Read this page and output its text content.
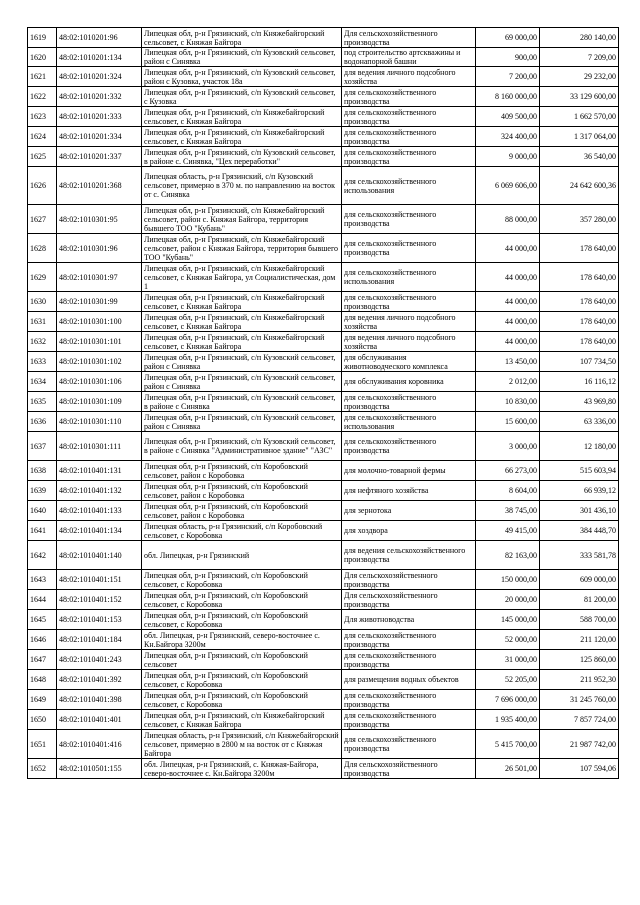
1619	48:02:1010201:96	Липецкая обл, р-н Грязинский, с/п Княжебайгорский сельсовет, с Княжая Байгора	Для сельскохозяйственного производства	69 000,00	280 140,00
1620	48:02:1010201:134	Липецкая обл, р-н Грязинский, с/п Кузовский сельсовет, район с Синявка	под строительство артскважины и водонапорной башни	900,00	7 209,00
1621	48:02:1010201:324	Липецкая обл, р-н Грязинский, с/п Кузовский сельсовет, район с Кузовка, участок 18а	для ведения личного подсобного хозяйства	7 200,00	29 232,00
1622	48:02:1010201:332	Липецкая обл, р-н Грязинский, с/п Кузовский сельсовет, с Кузовка	для сельскохозяйственного производства	8 160 000,00	33 129 600,00
1623	48:02:1010201:333	Липецкая обл, р-н Грязинский, с/п Княжебайгорский сельсовет, с Княжая Байгора	для сельскохозяйственного производства	409 500,00	1 662 570,00
1624	48:02:1010201:334	Липецкая обл, р-н Грязинский, с/п Княжебайгорский сельсовет, с Княжая Байгора	для сельскохозяйственного производства	324 400,00	1 317 064,00
1625	48:02:1010201:337	Липецкая обл, р-н Грязинский, с/п Кузовский сельсовет, в районе с. Синявка, "Цех переработки"	для сельскохозяйственного производства	9 000,00	36 540,00
1626	48:02:1010201:368	Липецкая область, р-н Грязинский, с/п Кузовский сельсовет, примерно в 370 м. по направлению на восток от с. Синявка	для сельскохозяйственного использования	6 069 606,00	24 642 600,36
1627	48:02:1010301:95	Липецкая обл, р-н Грязинский, с/п Княжебайгорский сельсовет, район с. Княжая Байгора, территория бывшего ТОО "Кубань"	для сельскохозяйственного производства	88 000,00	357 280,00
1628	48:02:1010301:96	Липецкая обл, р-н Грязинский, с/п Княжебайгорский сельсовет, район с Княжая Байгора, территория бывшего ТОО "Кубань"	для сельскохозяйственного производства	44 000,00	178 640,00
1629	48:02:1010301:97	Липецкая обл, р-н Грязинский, с/п Княжебайгорский сельсовет, с Княжая Байгора, ул Социалистическая, дом 1	для сельскохозяйственного использования	44 000,00	178 640,00
1630	48:02:1010301:99	Липецкая обл, р-н Грязинский, с/п Княжебайгорский сельсовет, с Княжая Байгора	для сельскохозяйственного производства	44 000,00	178 640,00
1631	48:02:1010301:100	Липецкая обл, р-н Грязинский, с/п Княжебайгорский сельсовет, с Княжая Байгора	для ведения личного подсобного хозяйства	44 000,00	178 640,00
1632	48:02:1010301:101	Липецкая обл, р-н Грязинский, с/п Княжебайгорский сельсовет, с Княжая Байгора	для ведения личного подсобного хозяйства	44 000,00	178 640,00
1633	48:02:1010301:102	Липецкая обл, р-н Грязинский, с/п Кузовский сельсовет, район с Синявка	для обслуживания животноводческого комплекса	13 450,00	107 734,50
1634	48:02:1010301:106	Липецкая обл, р-н Грязинский, с/п Кузовский сельсовет, район с Синявка	для обслуживания коровника	2 012,00	16 116,12
1635	48:02:1010301:109	Липецкая обл, р-н Грязинский, с/п Кузовский сельсовет, в районе с Синявка	для сельскохозяйственного производства	10 830,00	43 969,80
1636	48:02:1010301:110	Липецкая обл, р-н Грязинский, с/п Кузовский сельсовет, район с Синявка	для сельскохозяйственного использования	15 600,00	63 336,00
1637	48:02:1010301:111	Липецкая обл, р-н Грязинский, с/п Кузовский сельсовет, в районе с Синявка "Административное здание" "АЗС"	для сельскохозяйственного производства	3 000,00	12 180,00
1638	48:02:1010401:131	Липецкая обл, р-н Грязинский, с/п Коробовский сельсовет, район с Коробовка	для молочно-товарной фермы	66 273,00	515 603,94
1639	48:02:1010401:132	Липецкая обл, р-н Грязинский, с/п Коробовский сельсовет, район с Коробовка	для нефтяного хозяйства	8 604,00	66 939,12
1640	48:02:1010401:133	Липецкая обл, р-н Грязинский, с/п Коробовский сельсовет, район с Коробовка	для зернотока	38 745,00	301 436,10
1641	48:02:1010401:134	Липецкая область, р-н Грязинский, с/п Коробовский сельсовет, с Коробовка	для хоздвора	49 415,00	384 448,70
1642	48:02:1010401:140	обл. Липецкая, р-н Грязинский	для ведения сельскохозяйственного производства	82 163,00	333 581,78
1643	48:02:1010401:151	Липецкая обл, р-н Грязинский, с/п Коробовский сельсовет, с Коробовка	Для сельскохозяйственного производства	150 000,00	609 000,00
1644	48:02:1010401:152	Липецкая обл, р-н Грязинский, с/п Коробовский сельсовет, с Коробовка	Для сельскохозяйственного производства	20 000,00	81 200,00
1645	48:02:1010401:153	Липецкая обл, р-н Грязинский, с/п Коробовский сельсовет, с Коробовка	Для животноводства	145 000,00	588 700,00
1646	48:02:1010401:184	обл. Липецкая, р-н Грязинский, северо-восточнее с. Кн.Байгора 3200м	для сельскохозяйственного производства	52 000,00	211 120,00
1647	48:02:1010401:243	Липецкая обл, р-н Грязинский, с/п Коробовский сельсовет	для сельскохозяйственного производства	31 000,00	125 860,00
1648	48:02:1010401:392	Липецкая обл, р-н Грязинский, с/п Коробовский сельсовет, с Коробовка	для размещения водных объектов	52 205,00	211 952,30
1649	48:02:1010401:398	Липецкая обл, р-н Грязинский, с/п Коробовский сельсовет, с Коробовка	для сельскохозяйственного производства	7 696 000,00	31 245 760,00
1650	48:02:1010401:401	Липецкая обл, р-н Грязинский, с/п Княжебайгорский сельсовет, с Княжая Байгора	для сельскохозяйственного производства	1 935 400,00	7 857 724,00
1651	48:02:1010401:416	Липецкая область, р-н Грязинский, с/п Княжебайгорский сельсовет, примерно в 2800 м на восток от с Княжая Байгора	для сельскохозяйственного производства	5 415 700,00	21 987 742,00
1652	48:02:1010501:155	обл. Липецкая, р-н Грязинский, с. Княжая-Байгора, северо-восточнее с. Кн.Байгора 3200м	Для сельскохозяйственного производства	26 501,00	107 594,06
